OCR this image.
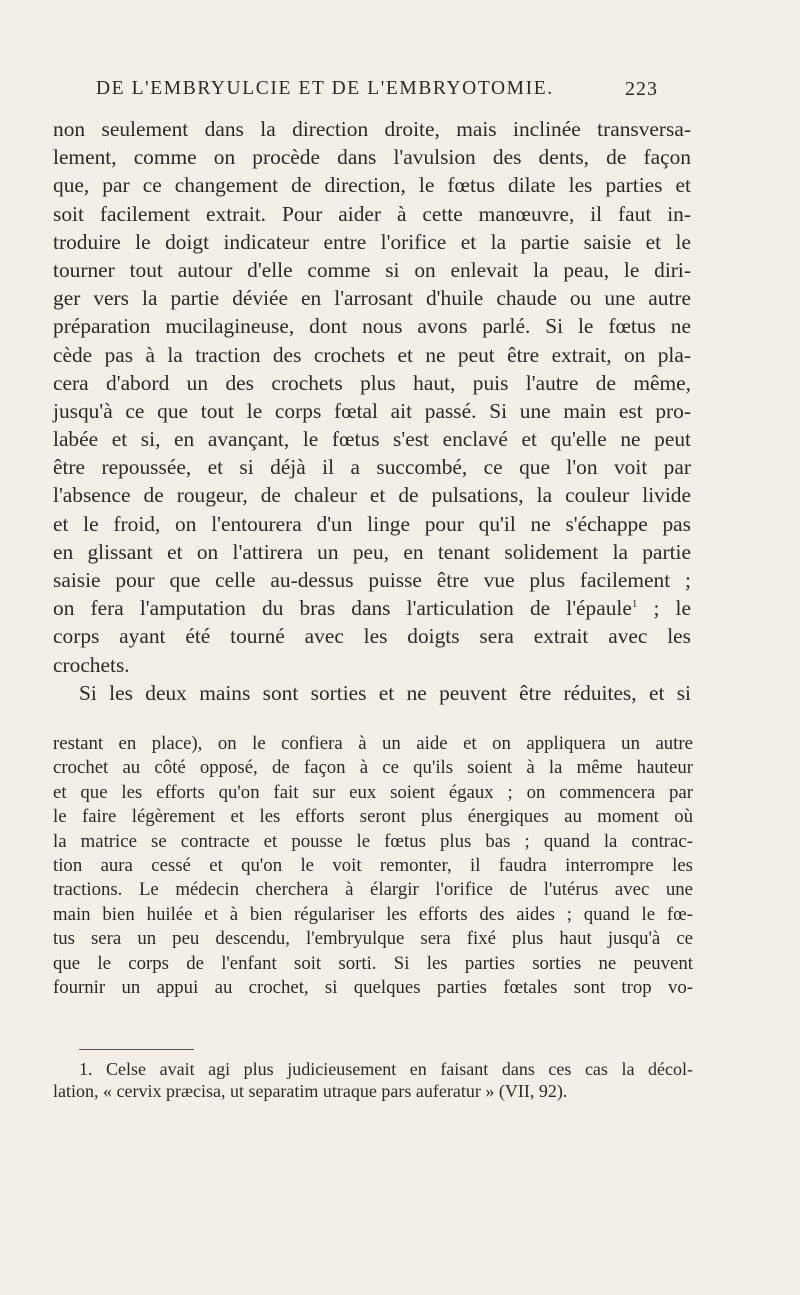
DE L'EMBRYULCIE ET DE L'EMBRYOTOMIE.	223
non seulement dans la direction droite, mais inclinée transversa-
lement, comme on procède dans l'avulsion des dents, de façon
que, par ce changement de direction, le fœtus dilate les parties et
soit facilement extrait. Pour aider à cette manœuvre, il faut in-
troduire le doigt indicateur entre l'orifice et la partie saisie et le
tourner tout autour d'elle comme si on enlevait la peau, le diri-
ger vers la partie déviée en l'arrosant d'huile chaude ou une autre
préparation mucilagineuse, dont nous avons parlé. Si le fœtus ne
cède pas à la traction des crochets et ne peut être extrait, on pla-
cera d'abord un des crochets plus haut, puis l'autre de même,
jusqu'à ce que tout le corps fœtal ait passé. Si une main est pro-
labée et si, en avançant, le fœtus s'est enclavé et qu'elle ne peut
être repoussée, et si déjà il a succombé, ce que l'on voit par
l'absence de rougeur, de chaleur et de pulsations, la couleur livide
et le froid, on l'entourera d'un linge pour qu'il ne s'échappe pas
en glissant et on l'attirera un peu, en tenant solidement la partie
saisie pour que celle au-dessus puisse être vue plus facilement ;
on fera l'amputation du bras dans l'articulation de l'épaule$^1$ ; le
corps ayant été tourné avec les doigts sera extrait avec les
crochets.
Si les deux mains sont sorties et ne peuvent être réduites, et si
restant en place), on le confiera à un aide et on appliquera un autre
crochet au côté opposé, de façon à ce qu'ils soient à la même hauteur
et que les efforts qu'on fait sur eux soient égaux ; on commencera par
le faire légèrement et les efforts seront plus énergiques au moment où
la matrice se contracte et pousse le fœtus plus bas ; quand la contrac-
tion aura cessé et qu'on le voit remonter, il faudra interrompre les
tractions. Le médecin cherchera à élargir l'orifice de l'utérus avec une
main bien huilée et à bien régulariser les efforts des aides ; quand le fœ-
tus sera un peu descendu, l'embryulque sera fixé plus haut jusqu'à ce
que le corps de l'enfant soit sorti. Si les parties sorties ne peuvent
fournir un appui au crochet, si quelques parties fœtales sont trop vo-
1. Celse avait agi plus judicieusement en faisant dans ces cas la décol-
lation, « cervix præcisa, ut separatim utraque pars auferatur » (VII, 92).
